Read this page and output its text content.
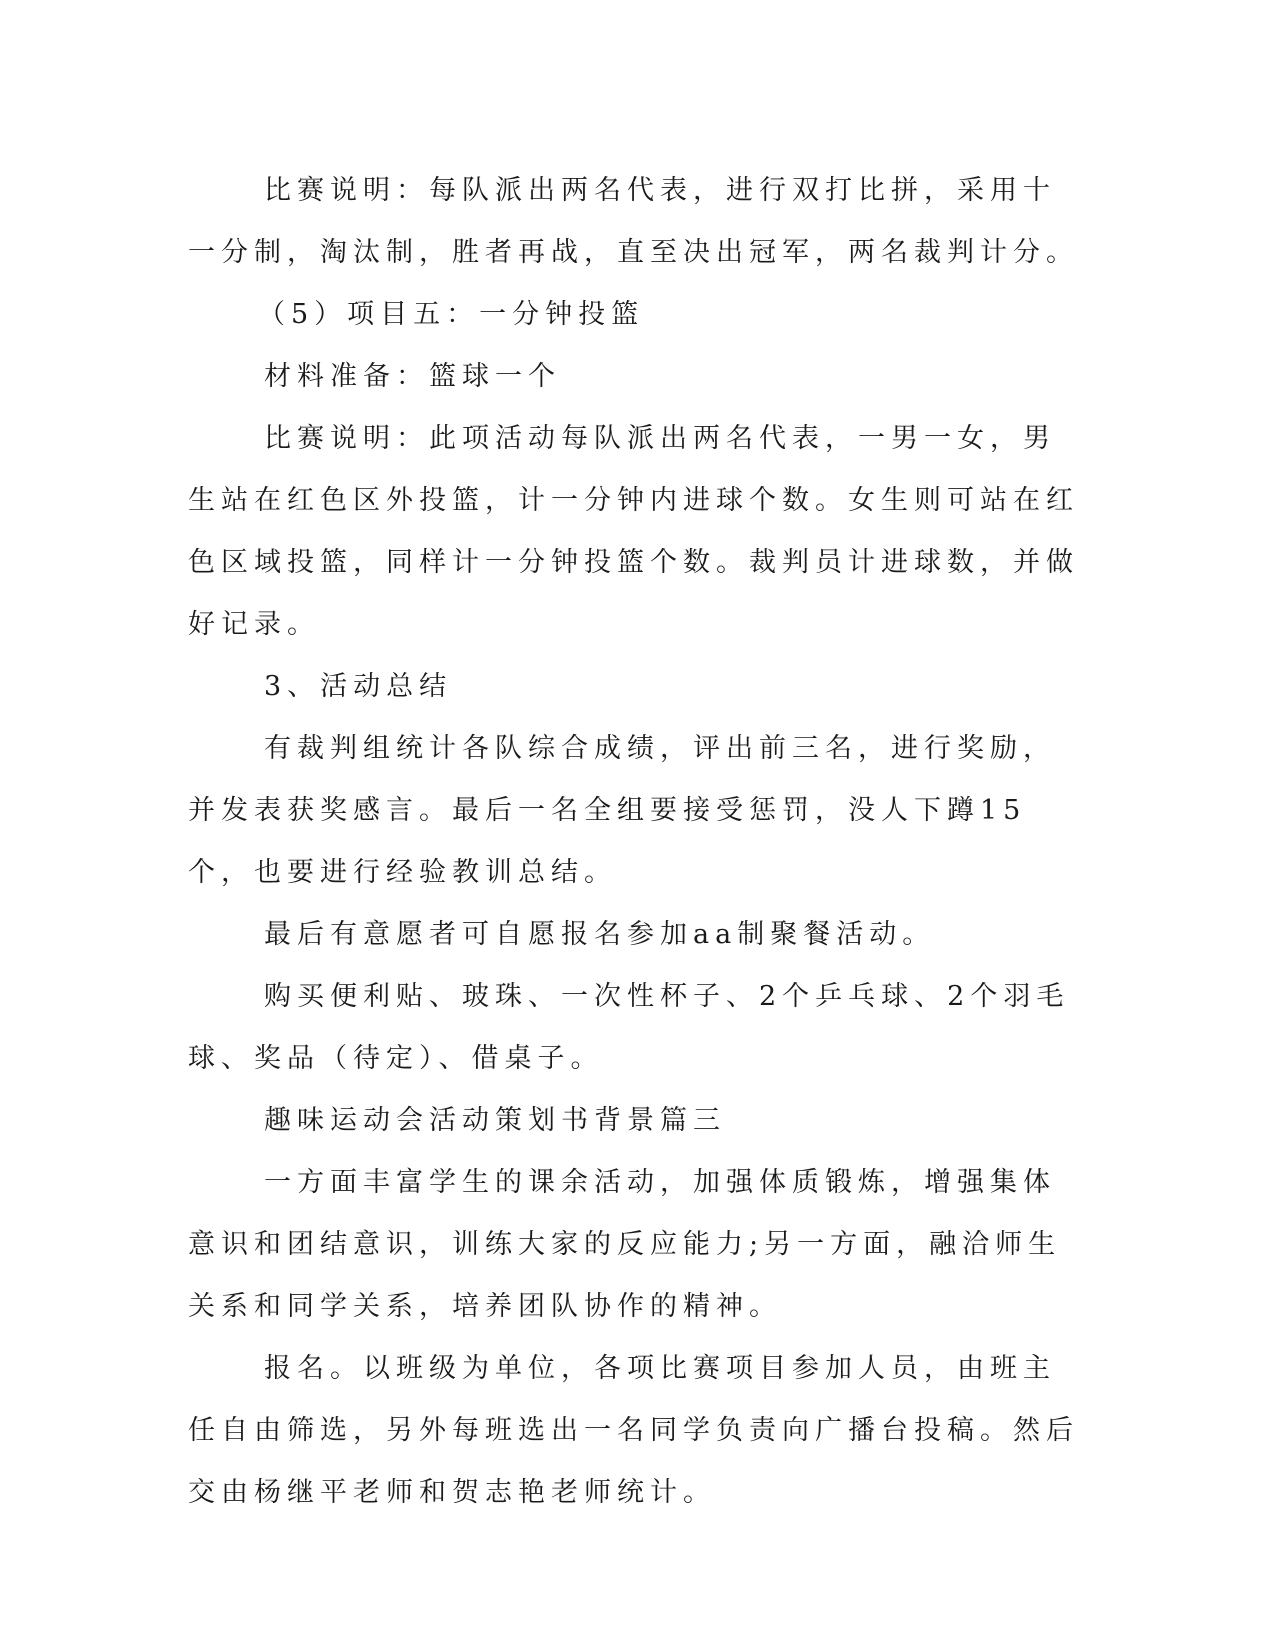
比赛说明：每队派出两名代表，进行双打比拼，采用十一分制，淘汰制，胜者再战，直至决出冠军，两名裁判计分。

（5）项目五：一分钟投篮

材料准备：篮球一个

比赛说明：此项活动每队派出两名代表，一男一女，男生站在红色区外投篮，计一分钟内进球个数。女生则可站在红色区域投篮，同样计一分钟投篮个数。裁判员计进球数，并做好记录。

3、活动总结

有裁判组统计各队综合成绩，评出前三名，进行奖励，并发表获奖感言。最后一名全组要接受惩罚，没人下蹲15个，也要进行经验教训总结。

最后有意愿者可自愿报名参加aa制聚餐活动。

购买便利贴、玻珠、一次性杯子、2个乒乓球、2个羽毛球、奖品（待定）、借桌子。

趣味运动会活动策划书背景篇三

一方面丰富学生的课余活动，加强体质锻炼，增强集体意识和团结意识，训练大家的反应能力;另一方面，融洽师生关系和同学关系，培养团队协作的精神。

报名。以班级为单位，各项比赛项目参加人员，由班主任自由筛选，另外每班选出一名同学负责向广播台投稿。然后交由杨继平老师和贺志艳老师统计。
